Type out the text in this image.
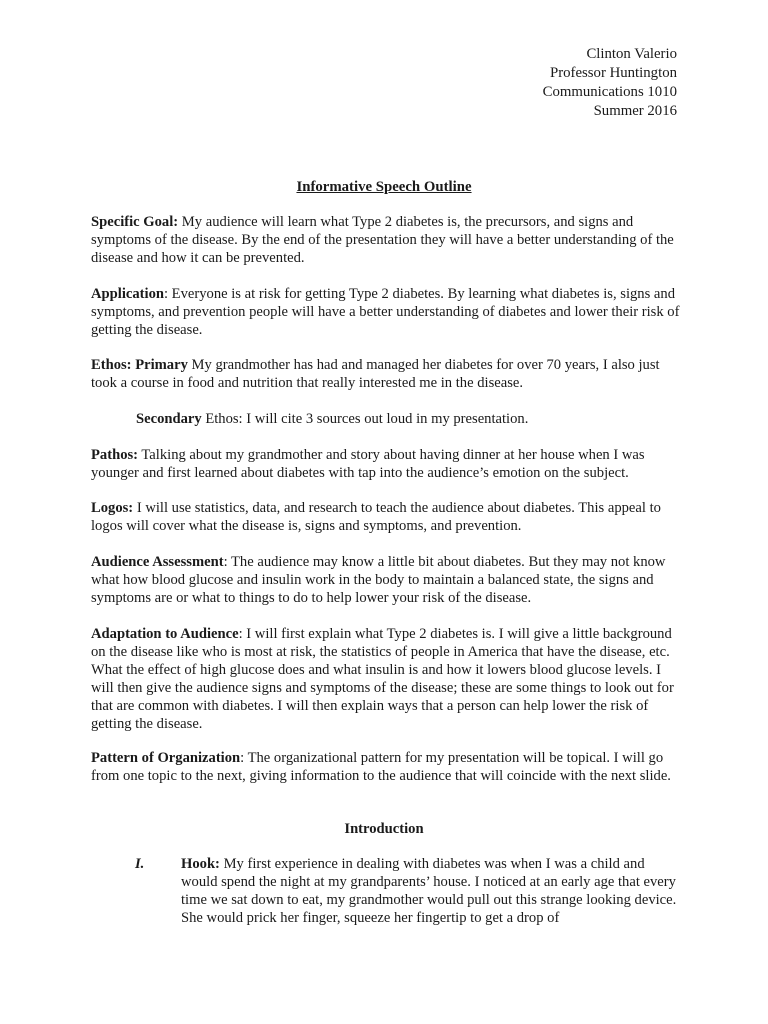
Clinton Valerio
Professor Huntington
Communications 1010
Summer 2016
Informative Speech Outline

Specific Goal: My audience will learn what Type 2 diabetes is, the precursors, and signs and symptoms of the disease. By the end of the presentation they will have a better understanding of the disease and how it can be prevented.

Application: Everyone is at risk for getting Type 2 diabetes. By learning what diabetes is, signs and symptoms, and prevention people will have a better understanding of diabetes and lower their risk of getting the disease.

Ethos: Primary My grandmother has had and managed her diabetes for over 70 years, I also just took a course in food and nutrition that really interested me in the disease.

Secondary Ethos: I will cite 3 sources out loud in my presentation.

Pathos: Talking about my grandmother and story about having dinner at her house when I was younger and first learned about diabetes with tap into the audience’s emotion on the subject.

Logos: I will use statistics, data, and research to teach the audience about diabetes. This appeal to logos will cover what the disease is, signs and symptoms, and prevention.

Audience Assessment: The audience may know a little bit about diabetes. But they may not know what how blood glucose and insulin work in the body to maintain a balanced state, the signs and symptoms are or what to things to do to help lower your risk of the disease.

Adaptation to Audience: I will first explain what Type 2 diabetes is. I will give a little background on the disease like who is most at risk, the statistics of people in America that have the disease, etc. What the effect of high glucose does and what insulin is and how it lowers blood glucose levels. I will then give the audience signs and symptoms of the disease; these are some things to look out for that are common with diabetes. I will then explain ways that a person can help lower the risk of getting the disease.

Pattern of Organization: The organizational pattern for my presentation will be topical. I will go from one topic to the next, giving information to the audience that will coincide with the next slide.

Introduction
I.	Hook: My first experience in dealing with diabetes was when I was a child and would spend the night at my grandparents’ house. I noticed at an early age that every time we sat down to eat, my grandmother would pull out this strange looking device. She would prick her finger, squeeze her fingertip to get a drop of
